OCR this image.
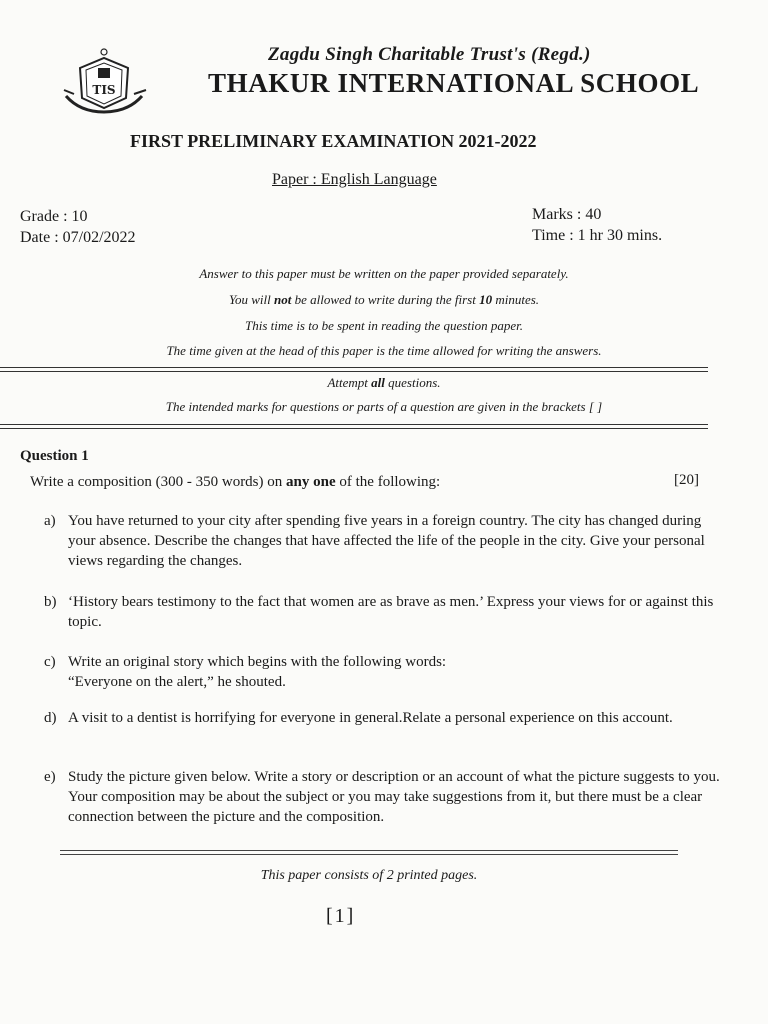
TIS
Zagdu Singh Charitable Trust's (Regd.)
THAKUR INTERNATIONAL SCHOOL
FIRST PRELIMINARY EXAMINATION 2021-2022
Paper : English Language
Grade : 10
Date : 07/02/2022
Marks : 40
Time : 1 hr 30 mins.
Answer to this paper must be written on the paper provided separately.
You will not be allowed to write during the first 10 minutes.
This time is to be spent in reading the question paper.
The time given at the head of this paper is the time allowed for writing the answers.
Attempt all questions.
The intended marks for questions or parts of a question are given in the brackets [ ]
Question 1
Write a composition (300 - 350 words) on any one of the following:	[20]
a) You have returned to your city after spending five years in a foreign country. The city has changed during your absence. Describe the changes that have affected the life of the people in the city. Give your personal views regarding the changes.
b) ‘History bears testimony to the fact that women are as brave as men.’ Express your views for or against this topic.
c) Write an original story which begins with the following words:
“Everyone on the alert,” he shouted.
d) A visit to a dentist is horrifying for everyone in general.Relate a personal experience on this account.
e) Study the picture given below. Write a story or description or an account of what the picture suggests to you. Your composition may be about the subject or you may take suggestions from it, but there must be a clear connection between the picture and the composition.
This paper consists of 2 printed pages.
[1]
